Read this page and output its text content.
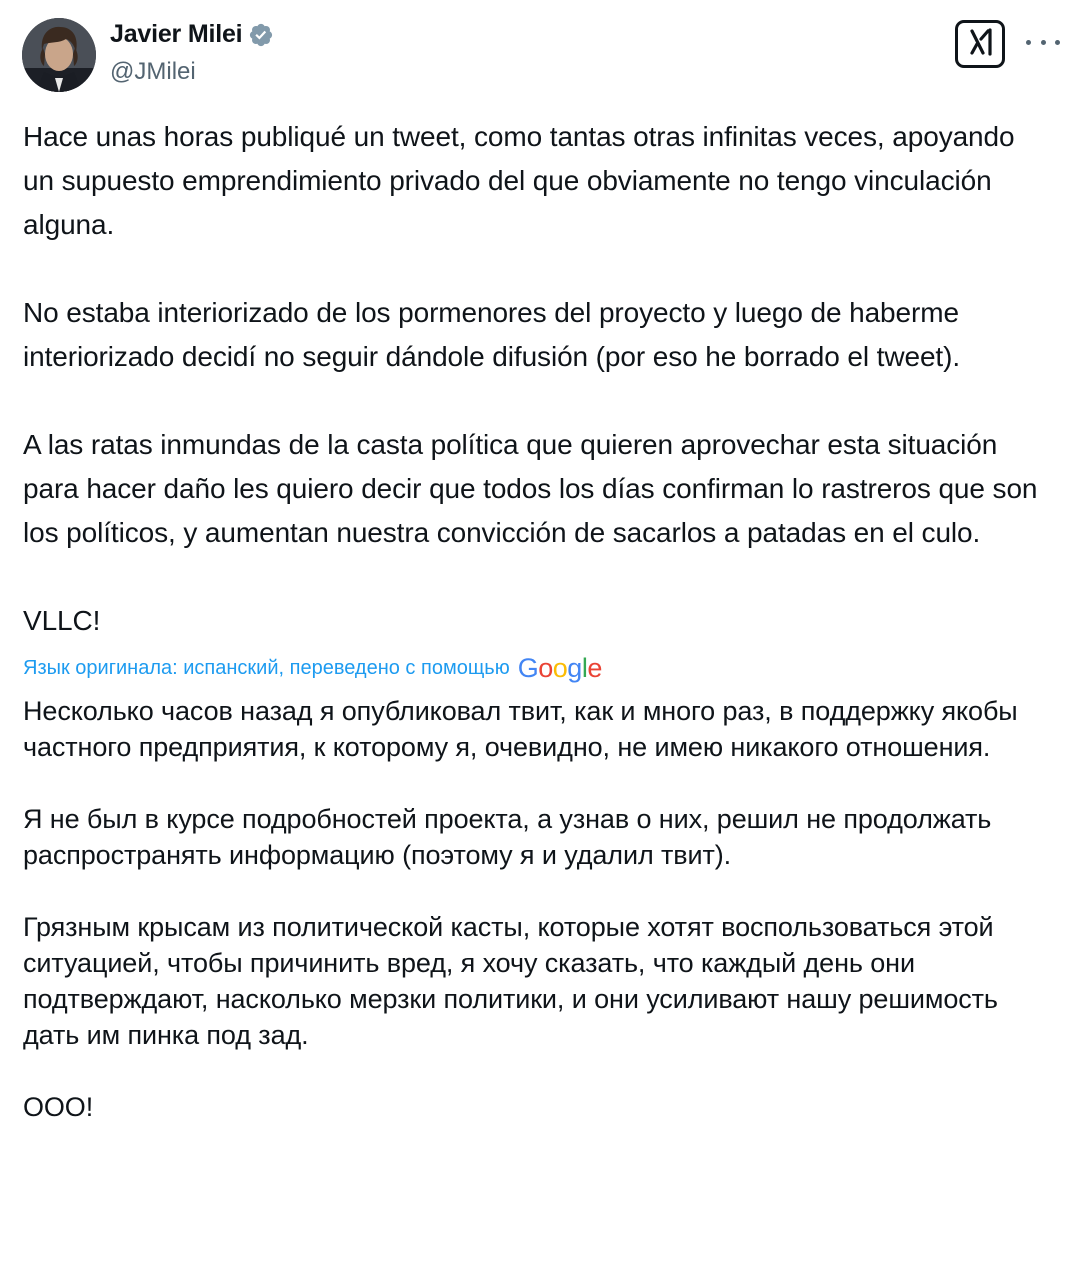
Javier Milei
@JMilei

Hace unas horas publiqué un tweet, como tantas otras infinitas veces, apoyando un supuesto emprendimiento privado del que obviamente no tengo vinculación alguna.

No estaba interiorizado de los pormenores del proyecto y luego de haberme interiorizado decidí no seguir dándole difusión (por eso he borrado el tweet).

A las ratas inmundas de la casta política que quieren aprovechar esta situación para hacer daño les quiero decir que todos los días confirman lo rastreros que son los políticos, y aumentan nuestra convicción de sacarlos a patadas en el culo.

VLLC!

Язык оригинала: испанский, переведено с помощью Google

Несколько часов назад я опубликовал твит, как и много раз, в поддержку якобы частного предприятия, к которому я, очевидно, не имею никакого отношения.

Я не был в курсе подробностей проекта, а узнав о них, решил не продолжать распространять информацию (поэтому я и удалил твит).

Грязным крысам из политической касты, которые хотят воспользоваться этой ситуацией, чтобы причинить вред, я хочу сказать, что каждый день они подтверждают, насколько мерзки политики, и они усиливают нашу решимость дать им пинка под зад.

ООО!
